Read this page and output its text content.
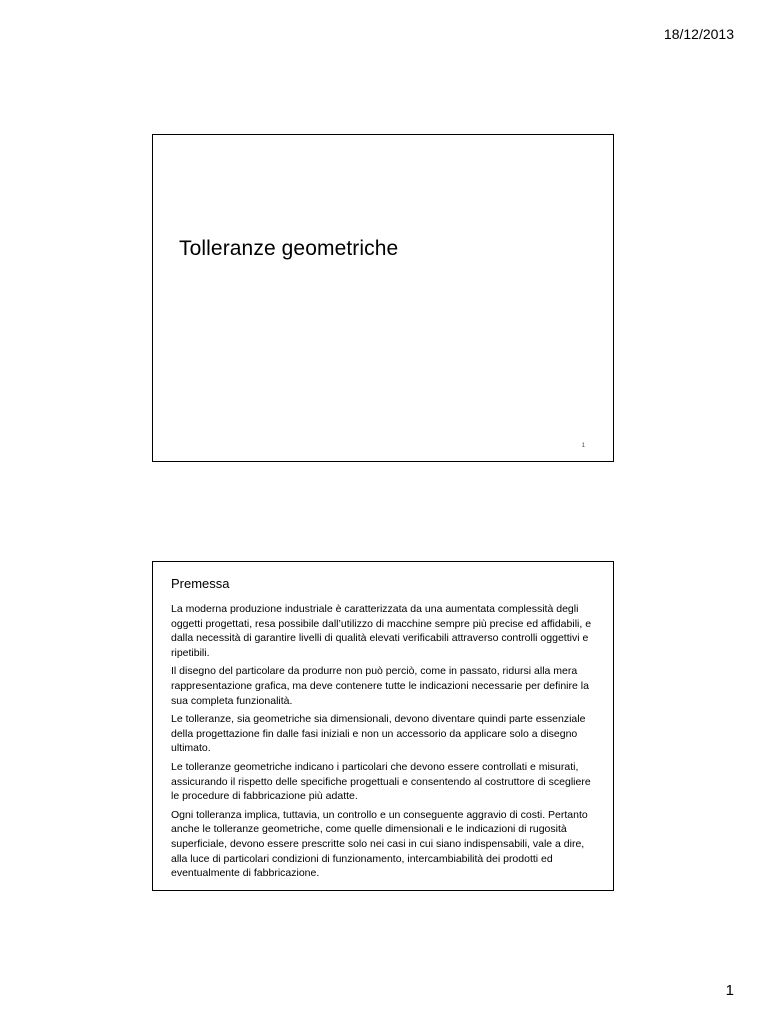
18/12/2013
Tolleranze geometriche
1
Premessa

La moderna produzione industriale è caratterizzata da una aumentata complessità degli oggetti progettati, resa possibile dall’utilizzo di macchine sempre più precise ed affidabili, e dalla necessità di garantire livelli di qualità elevati verificabili attraverso controlli oggettivi e ripetibili.

Il disegno del particolare da produrre non può perciò, come in passato, ridursi alla mera rappresentazione grafica, ma deve contenere tutte le indicazioni necessarie per definire la sua completa funzionalità.

Le tolleranze, sia geometriche sia dimensionali, devono diventare quindi parte essenziale della progettazione fin dalle fasi iniziali e non un accessorio da applicare solo a disegno ultimato.

Le tolleranze geometriche indicano i particolari che devono essere controllati e misurati, assicurando il rispetto delle specifiche progettuali e consentendo al costruttore di scegliere le procedure di fabbricazione più adatte.

Ogni tolleranza implica, tuttavia, un controllo e un conseguente aggravio di costi. Pertanto anche le tolleranze geometriche, come quelle dimensionali e le indicazioni di rugosità superficiale, devono essere prescritte solo nei casi in cui siano indispensabili, vale a dire, alla luce di particolari condizioni di funzionamento, intercambiabilità dei prodotti ed eventualmente di fabbricazione.

1
